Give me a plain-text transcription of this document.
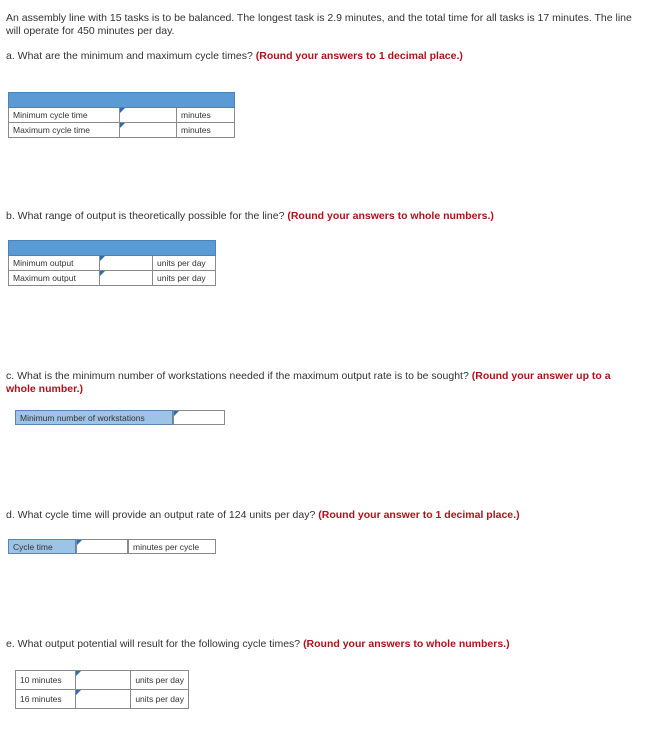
An assembly line with 15 tasks is to be balanced. The longest task is 2.9 minutes, and the total time for all tasks is 17 minutes. The line will operate for 450 minutes per day.
a. What are the minimum and maximum cycle times? (Round your answers to 1 decimal place.)

Minimum cycle time		minutes
Maximum cycle time		minutes
b. What range of output is theoretically possible for the line? (Round your answers to whole numbers.)

Minimum output		units per day
Maximum output		units per day
c. What is the minimum number of workstations needed if the maximum output rate is to be sought? (Round your answer up to a whole number.)
Minimum number of workstations
d. What cycle time will provide an output rate of 124 units per day? (Round your answer to 1 decimal place.)
Cycle time	minutes per cycle
e. What output potential will result for the following cycle times? (Round your answers to whole numbers.)
10 minutes		units per day
16 minutes		units per day
